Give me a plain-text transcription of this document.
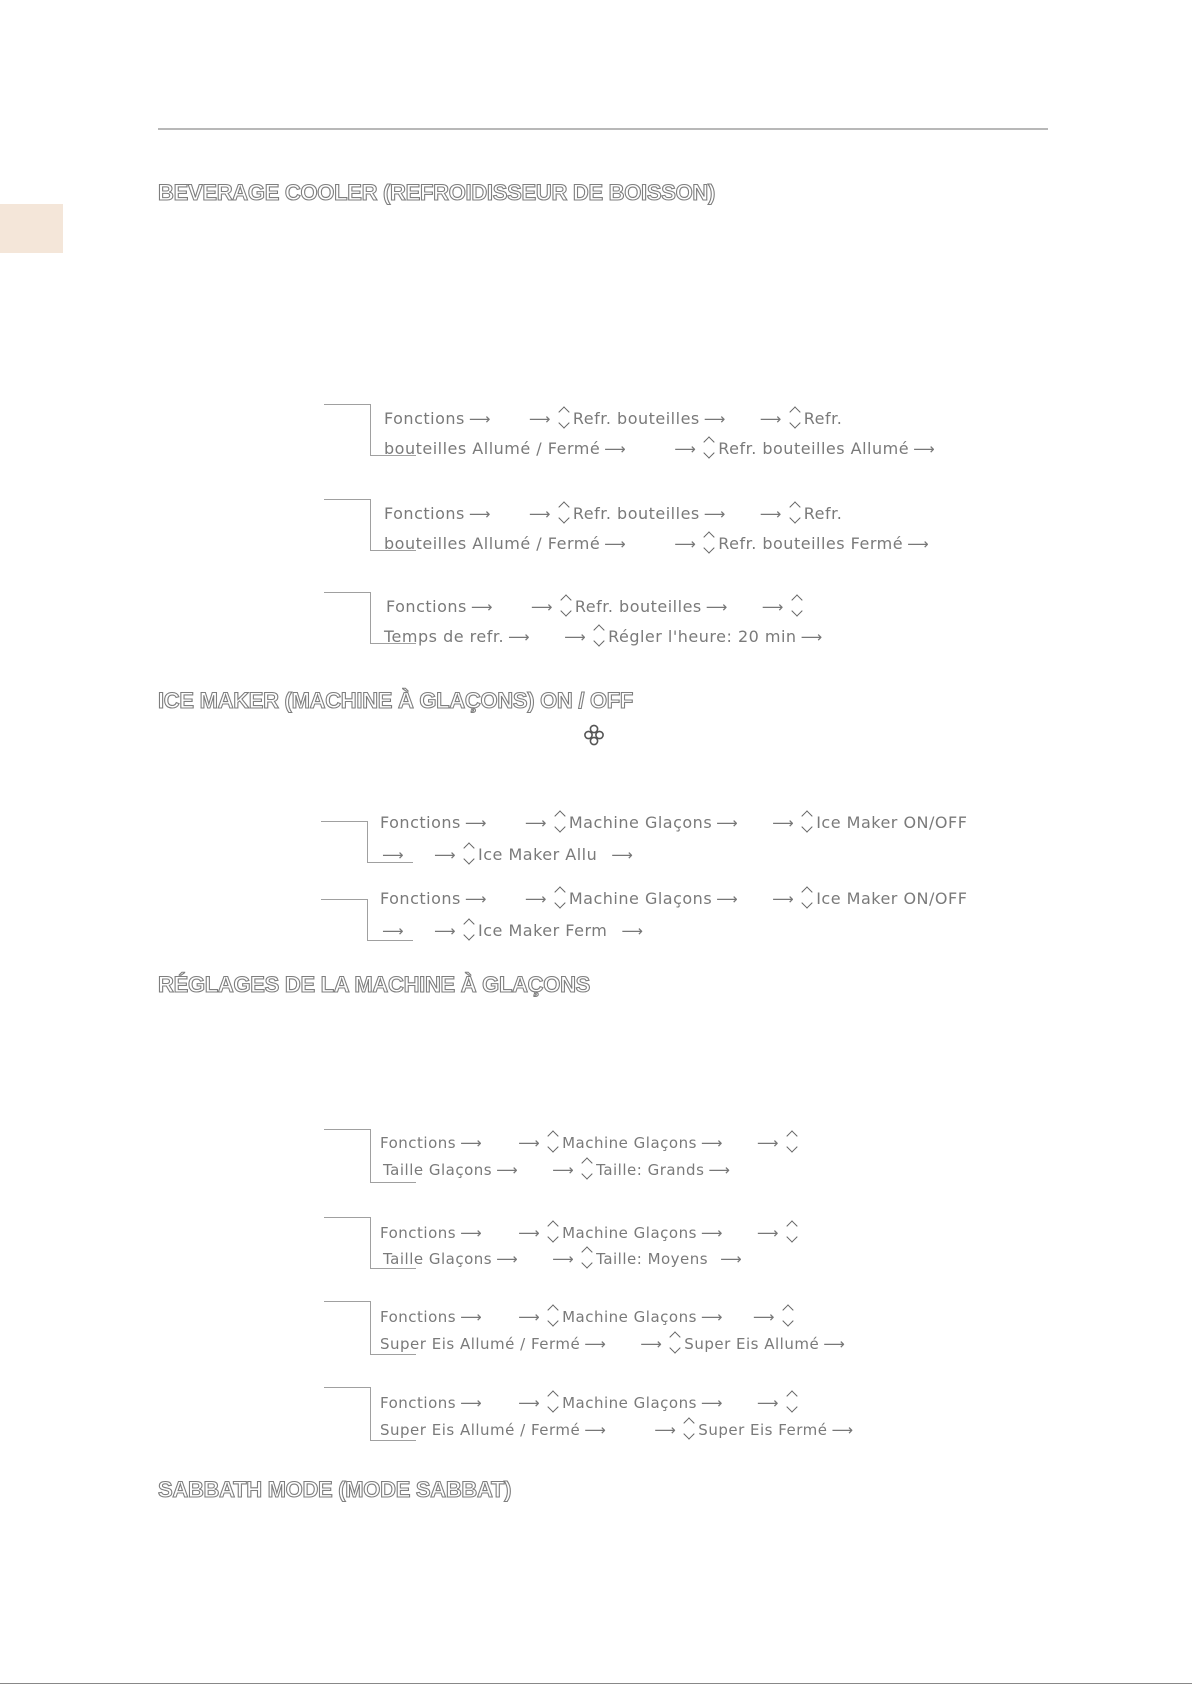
BEVERAGE COOLER (REFROIDISSEUR DE BOISSON)

Fonctions ⟶	⟶ Refr. bouteilles ⟶ ⟶ Refr.

bouteilles Allumé / Fermé ⟶	⟶ Refr. bouteilles Allumé ⟶

Fonctions ⟶	⟶ Refr. bouteilles ⟶ ⟶ Refr.

bouteilles Allumé / Fermé ⟶	⟶ Refr. bouteilles Fermé ⟶

Fonctions ⟶	⟶ Refr. bouteilles ⟶ ⟶

Temps de refr. ⟶ ⟶ Régler l'heure: 20 min ⟶

ICE MAKER (MACHINE À GLAÇONS) ON / OFF

Fonctions ⟶	⟶ Machine Glaçons ⟶ ⟶ Ice Maker ON/OFF

⟶ ⟶ Ice Maker Allu ⟶

Fonctions ⟶	⟶ Machine Glaçons ⟶ ⟶ Ice Maker ON/OFF

⟶ ⟶ Ice Maker Ferm ⟶

RÉGLAGES DE LA MACHINE À GLAÇONS

Fonctions ⟶ ⟶ Machine Glaçons ⟶ ⟶

Taille Glaçons ⟶ ⟶ Taille: Grands ⟶

Fonctions ⟶ ⟶ Machine Glaçons ⟶ ⟶

Taille Glaçons ⟶ ⟶ Taille: Moyens ⟶

Fonctions ⟶ ⟶ Machine Glaçons ⟶ ⟶

Super Eis Allumé / Fermé ⟶ ⟶ Super Eis Allumé ⟶

Fonctions ⟶ ⟶ Machine Glaçons ⟶ ⟶

Super Eis Allumé / Fermé ⟶	⟶ Super Eis Fermé ⟶

SABBATH MODE (MODE SABBAT)
